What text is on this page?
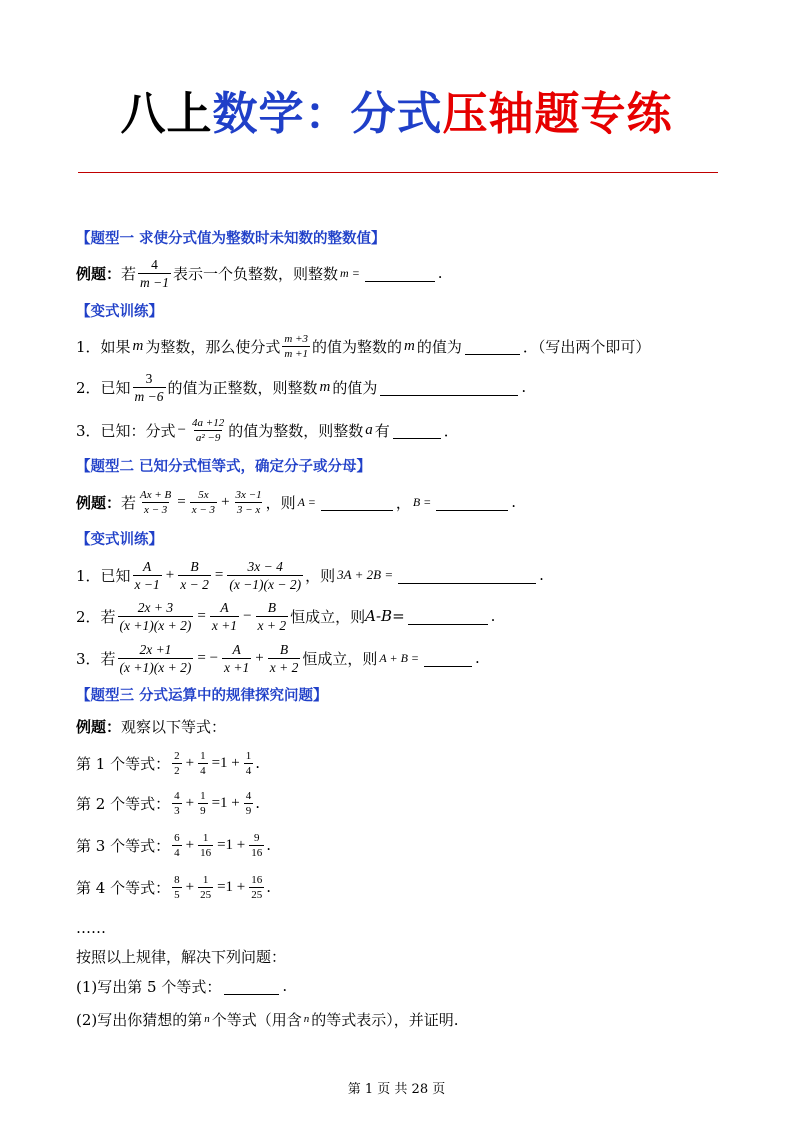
八上数学：分式压轴题专练
【题型一 求使分式值为整数时未知数的整数值】
例题： 若 $\frac{4}{m -1}$ 表示一个负整数，则整数 m =	.
【变式训练】
1．如果 m 为整数，那么使分式 $\frac{m +3}{m +1}$ 的值为整数的 m 的值为	．（写出两个即可）
2．已知 $\frac{3}{m -6}$ 的值为正整数，则整数 m 的值为	.
3．已知：分式 − $\frac{4a +12}{\text{a² −9}}$ 的值为整数，则整数 a 有	．
【题型二 已知分式恒等式，确定分子或分母】
例题： 若 $\frac{Ax + B}{x - 3} = \frac{5x}{x - 3} + \frac{3x -1}{3 - x}$ ，则 A =	， B =	.
【变式训练】
1．已知 $\frac{A}{x -1} + \frac{B}{x - 2} = \frac{3x - 4}{(x -1)(x - 2)}$ ，则 3A + 2B =	.
2．若 $\frac{2x + 3}{(x +1)(x + 2)} = \frac{A}{x +1} - \frac{B}{x + 2}$ 恒成立，则 A-B=	.
3．若 $\frac{2x +1}{(x +1)(x + 2)}$ = − $\frac{A}{x +1} + \frac{B}{x + 2}$ 恒成立，则 A + B =	.
【题型三 分式运算中的规律探究问题】
例题： 观察以下等式：
第 1 个等式： $\frac{2}{2} + \frac{1}{4} =1 + \frac{1}{4}$ .
第 2 个等式： $\frac{4}{3} + \frac{1}{9} =1 + \frac{4}{9}$ .
第 3 个等式： $\frac{6}{4} + \frac{1}{16} =1 + \frac{9}{16}$ .
第 4 个等式： $\frac{8}{5} + \frac{1}{25} =1 + \frac{16}{25}$ .
……
按照以上规律，解决下列问题：
(1)写出第 5 个等式：	.
(2)写出你猜想的第 n 个等式（用含 n 的等式表示），并证明.
第 1 页 共 28 页
